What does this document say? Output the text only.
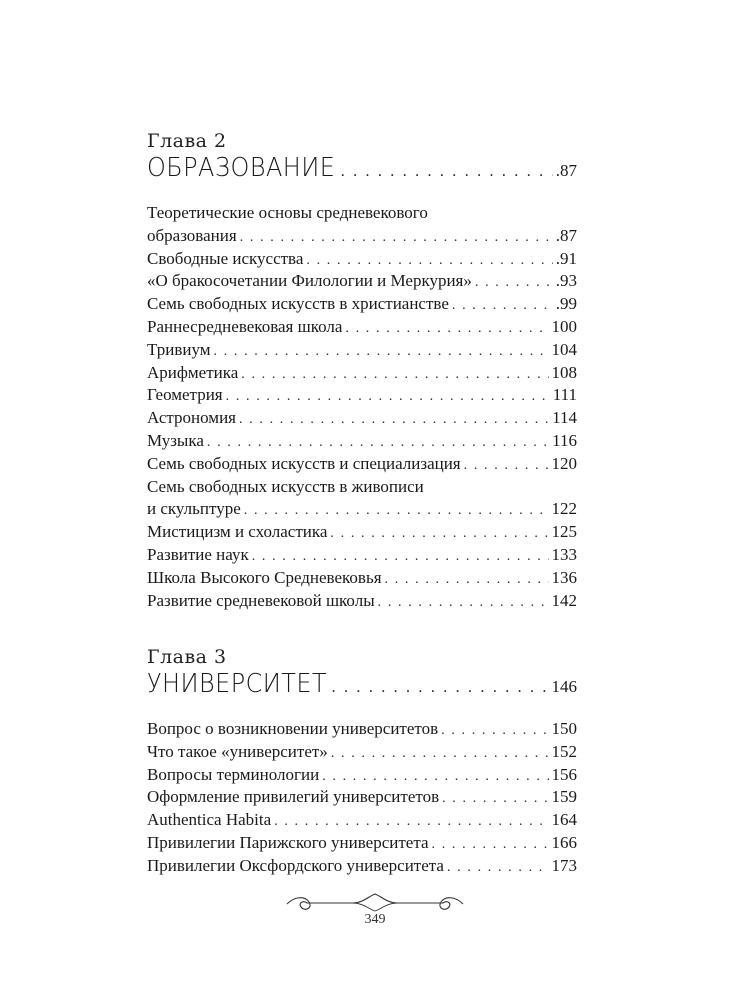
Глава 2
ОБРАЗОВАНИЕ . . .	.87
Теоретические основы средневекового
образования . . .	.87
Свободные искусства . . .	.91
«О бракосочетании Филологии и Меркурия» . . .	.93
Семь свободных искусств в христианстве . . .	.99
Раннесредневековая школа . . .	100
Тривиум . . .	104
Арифметика . . .	108
Геометрия . . .	111
Астрономия . . .	114
Музыка . . .	116
Семь свободных искусств и специализация . . .	120
Семь свободных искусств в живописи
и скульптуре . . .	122
Мистицизм и схоластика . . .	125
Развитие наук . . .	133
Школа Высокого Средневековья . . .	136
Развитие средневековой школы . . .	142
Глава 3
УНИВЕРСИТЕТ . . .	146
Вопрос о возникновении университетов . . .	150
Что такое «университет» . . .	152
Вопросы терминологии . . .	156
Оформление привилегий университетов . . .	159
Authentica Habita . . .	164
Привилегии Парижского университета . . .	166
Привилегии Оксфордского университета . . .	173
349
